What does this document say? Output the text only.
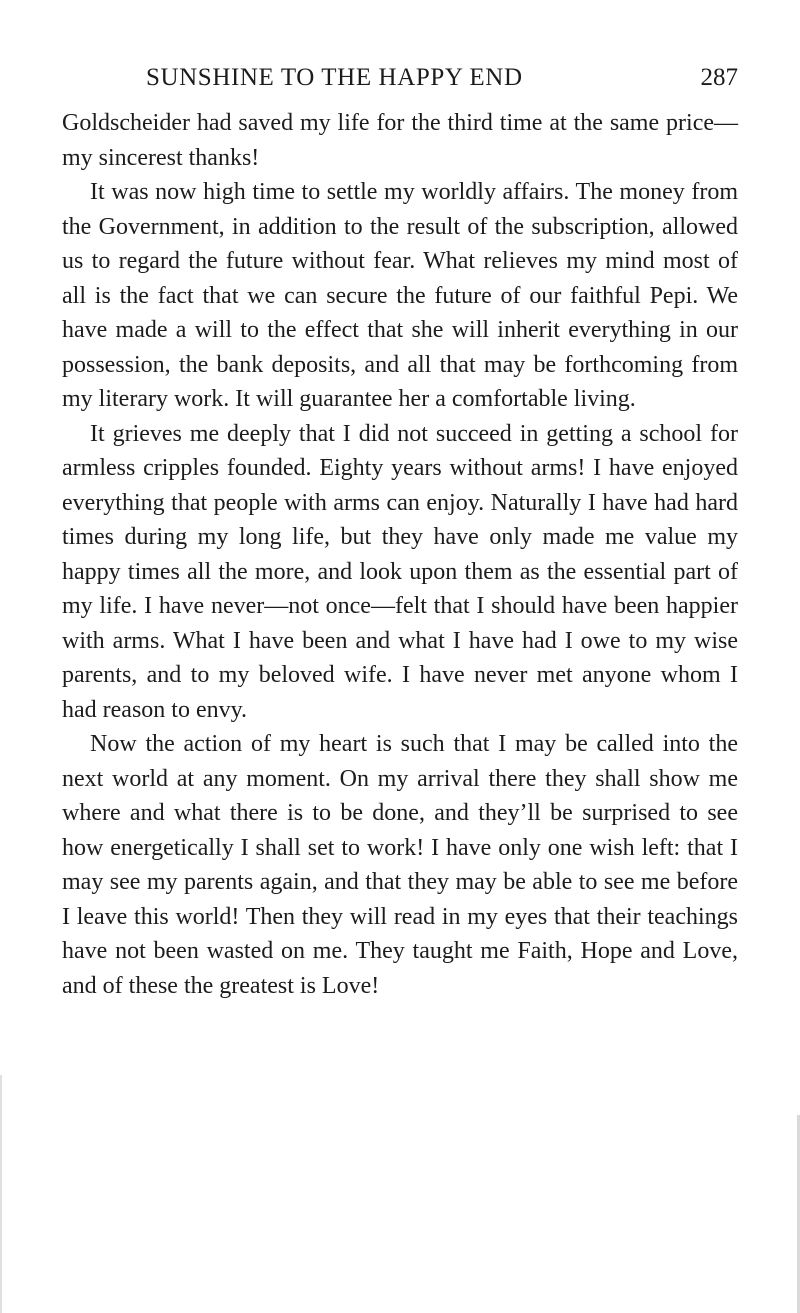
SUNSHINE TO THE HAPPY END	287

Goldscheider had saved my life for the third time at the same price—my sincerest thanks!

It was now high time to settle my worldly affairs. The money from the Government, in addition to the result of the subscription, allowed us to regard the future without fear. What relieves my mind most of all is the fact that we can secure the future of our faithful Pepi. We have made a will to the effect that she will inherit everything in our possession, the bank deposits, and all that may be forthcoming from my literary work. It will guarantee her a comfortable living.

It grieves me deeply that I did not succeed in getting a school for armless cripples founded. Eighty years without arms! I have enjoyed everything that people with arms can enjoy. Naturally I have had hard times during my long life, but they have only made me value my happy times all the more, and look upon them as the essential part of my life. I have never—not once—felt that I should have been happier with arms. What I have been and what I have had I owe to my wise parents, and to my beloved wife. I have never met anyone whom I had reason to envy.

Now the action of my heart is such that I may be called into the next world at any moment. On my arrival there they shall show me where and what there is to be done, and they’ll be surprised to see how energetically I shall set to work! I have only one wish left: that I may see my parents again, and that they may be able to see me before I leave this world! Then they will read in my eyes that their teachings have not been wasted on me. They taught me Faith, Hope and Love, and of these the greatest is Love!
